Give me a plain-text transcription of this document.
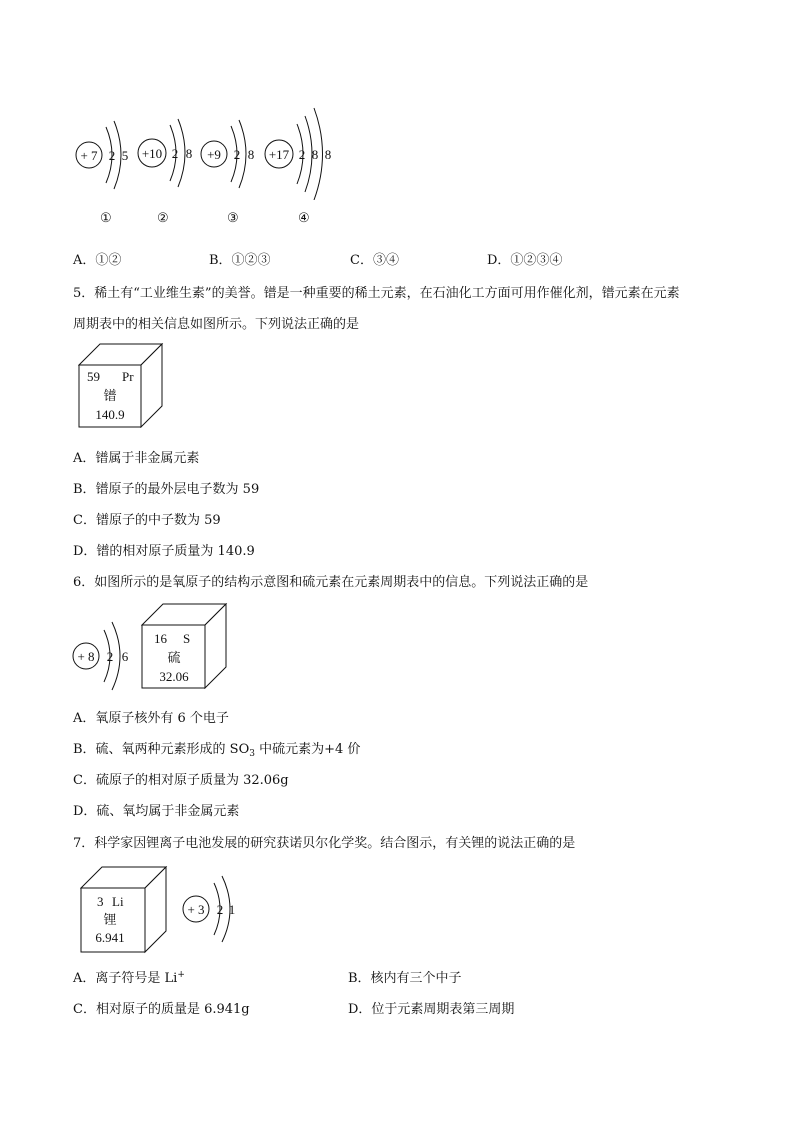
+ 7 2 5 +10 2 8 +9 2 8 +17 2 8 8
①	②	③	④
A．①②	B．①②③	C．③④	D．①②③④
5．稀土有“工业维生素”的美誉。镨是一种重要的稀土元素，在石油化工方面可用作催化剂，镨元素在元素
周期表中的相关信息如图所示。下列说法正确的是
59 Pr
镨
140.9
A．镨属于非金属元素
B．镨原子的最外层电子数为 59
C．镨原子的中子数为 59
D．镨的相对原子质量为 140.9
6．如图所示的是氧原子的结构示意图和硫元素在元素周期表中的信息。下列说法正确的是
+ 8 2 6
16 S
硫
32.06
A．氧原子核外有 6 个电子
B．硫、氧两种元素形成的 $SO_3$ 中硫元素为+4 价
C．硫原子的相对原子质量为 32.06g
D．硫、氧均属于非金属元素
7．科学家因锂离子电池发展的研究获诺贝尔化学奖。结合图示，有关锂的说法正确的是
3 Li
锂
6.941
+ 3 2 1
A．离子符号是 Li+	B．核内有三个中子
C．相对原子的质量是 6.941g	D．位于元素周期表第三周期
